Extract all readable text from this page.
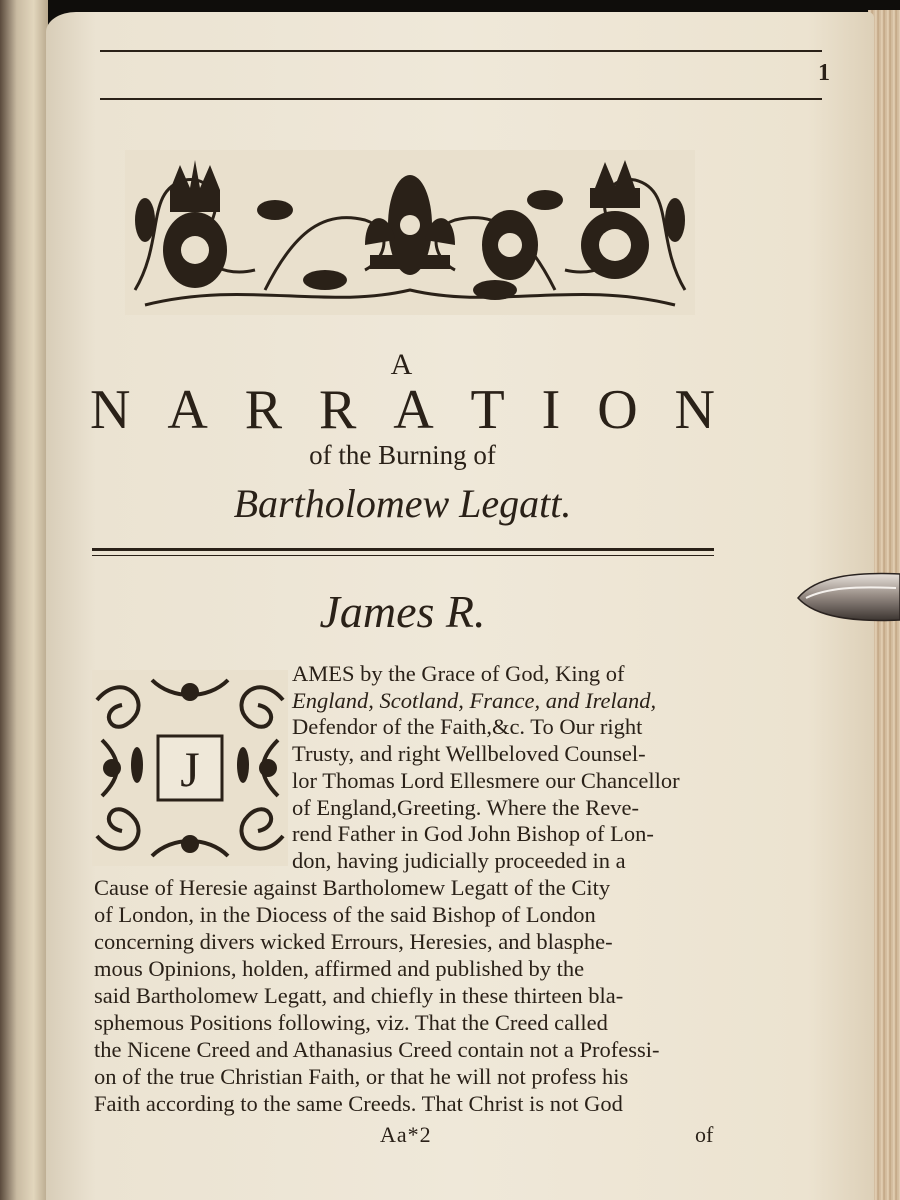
1
A
N A R R A T I O N
of the Burning of
Bartholomew Legatt.
James R.
J
AMES by the Grace of God, King of
England, Scotland, France, and Ireland,
Defendor of the Faith,&c. To Our right
Trusty, and right Wellbeloved Counsel-
lor Thomas Lord Ellesmere our Chancellor
of England,Greeting. Where the Reve-
rend Father in God John Bishop of Lon-
don, having judicially proceeded in a
Cause of Heresie against Bartholomew Legatt of the City
of London, in the Diocess of the said Bishop of London
concerning divers wicked Errours, Heresies, and blasphe-
mous Opinions, holden, affirmed and published by the
said Bartholomew Legatt, and chiefly in these thirteen bla-
sphemous Positions following, viz. That the Creed called
the Nicene Creed and Athanasius Creed contain not a Professi-
on of the true Christian Faith, or that he will not profess his
Faith according to the same Creeds. That Christ is not God
Aa*2	of
